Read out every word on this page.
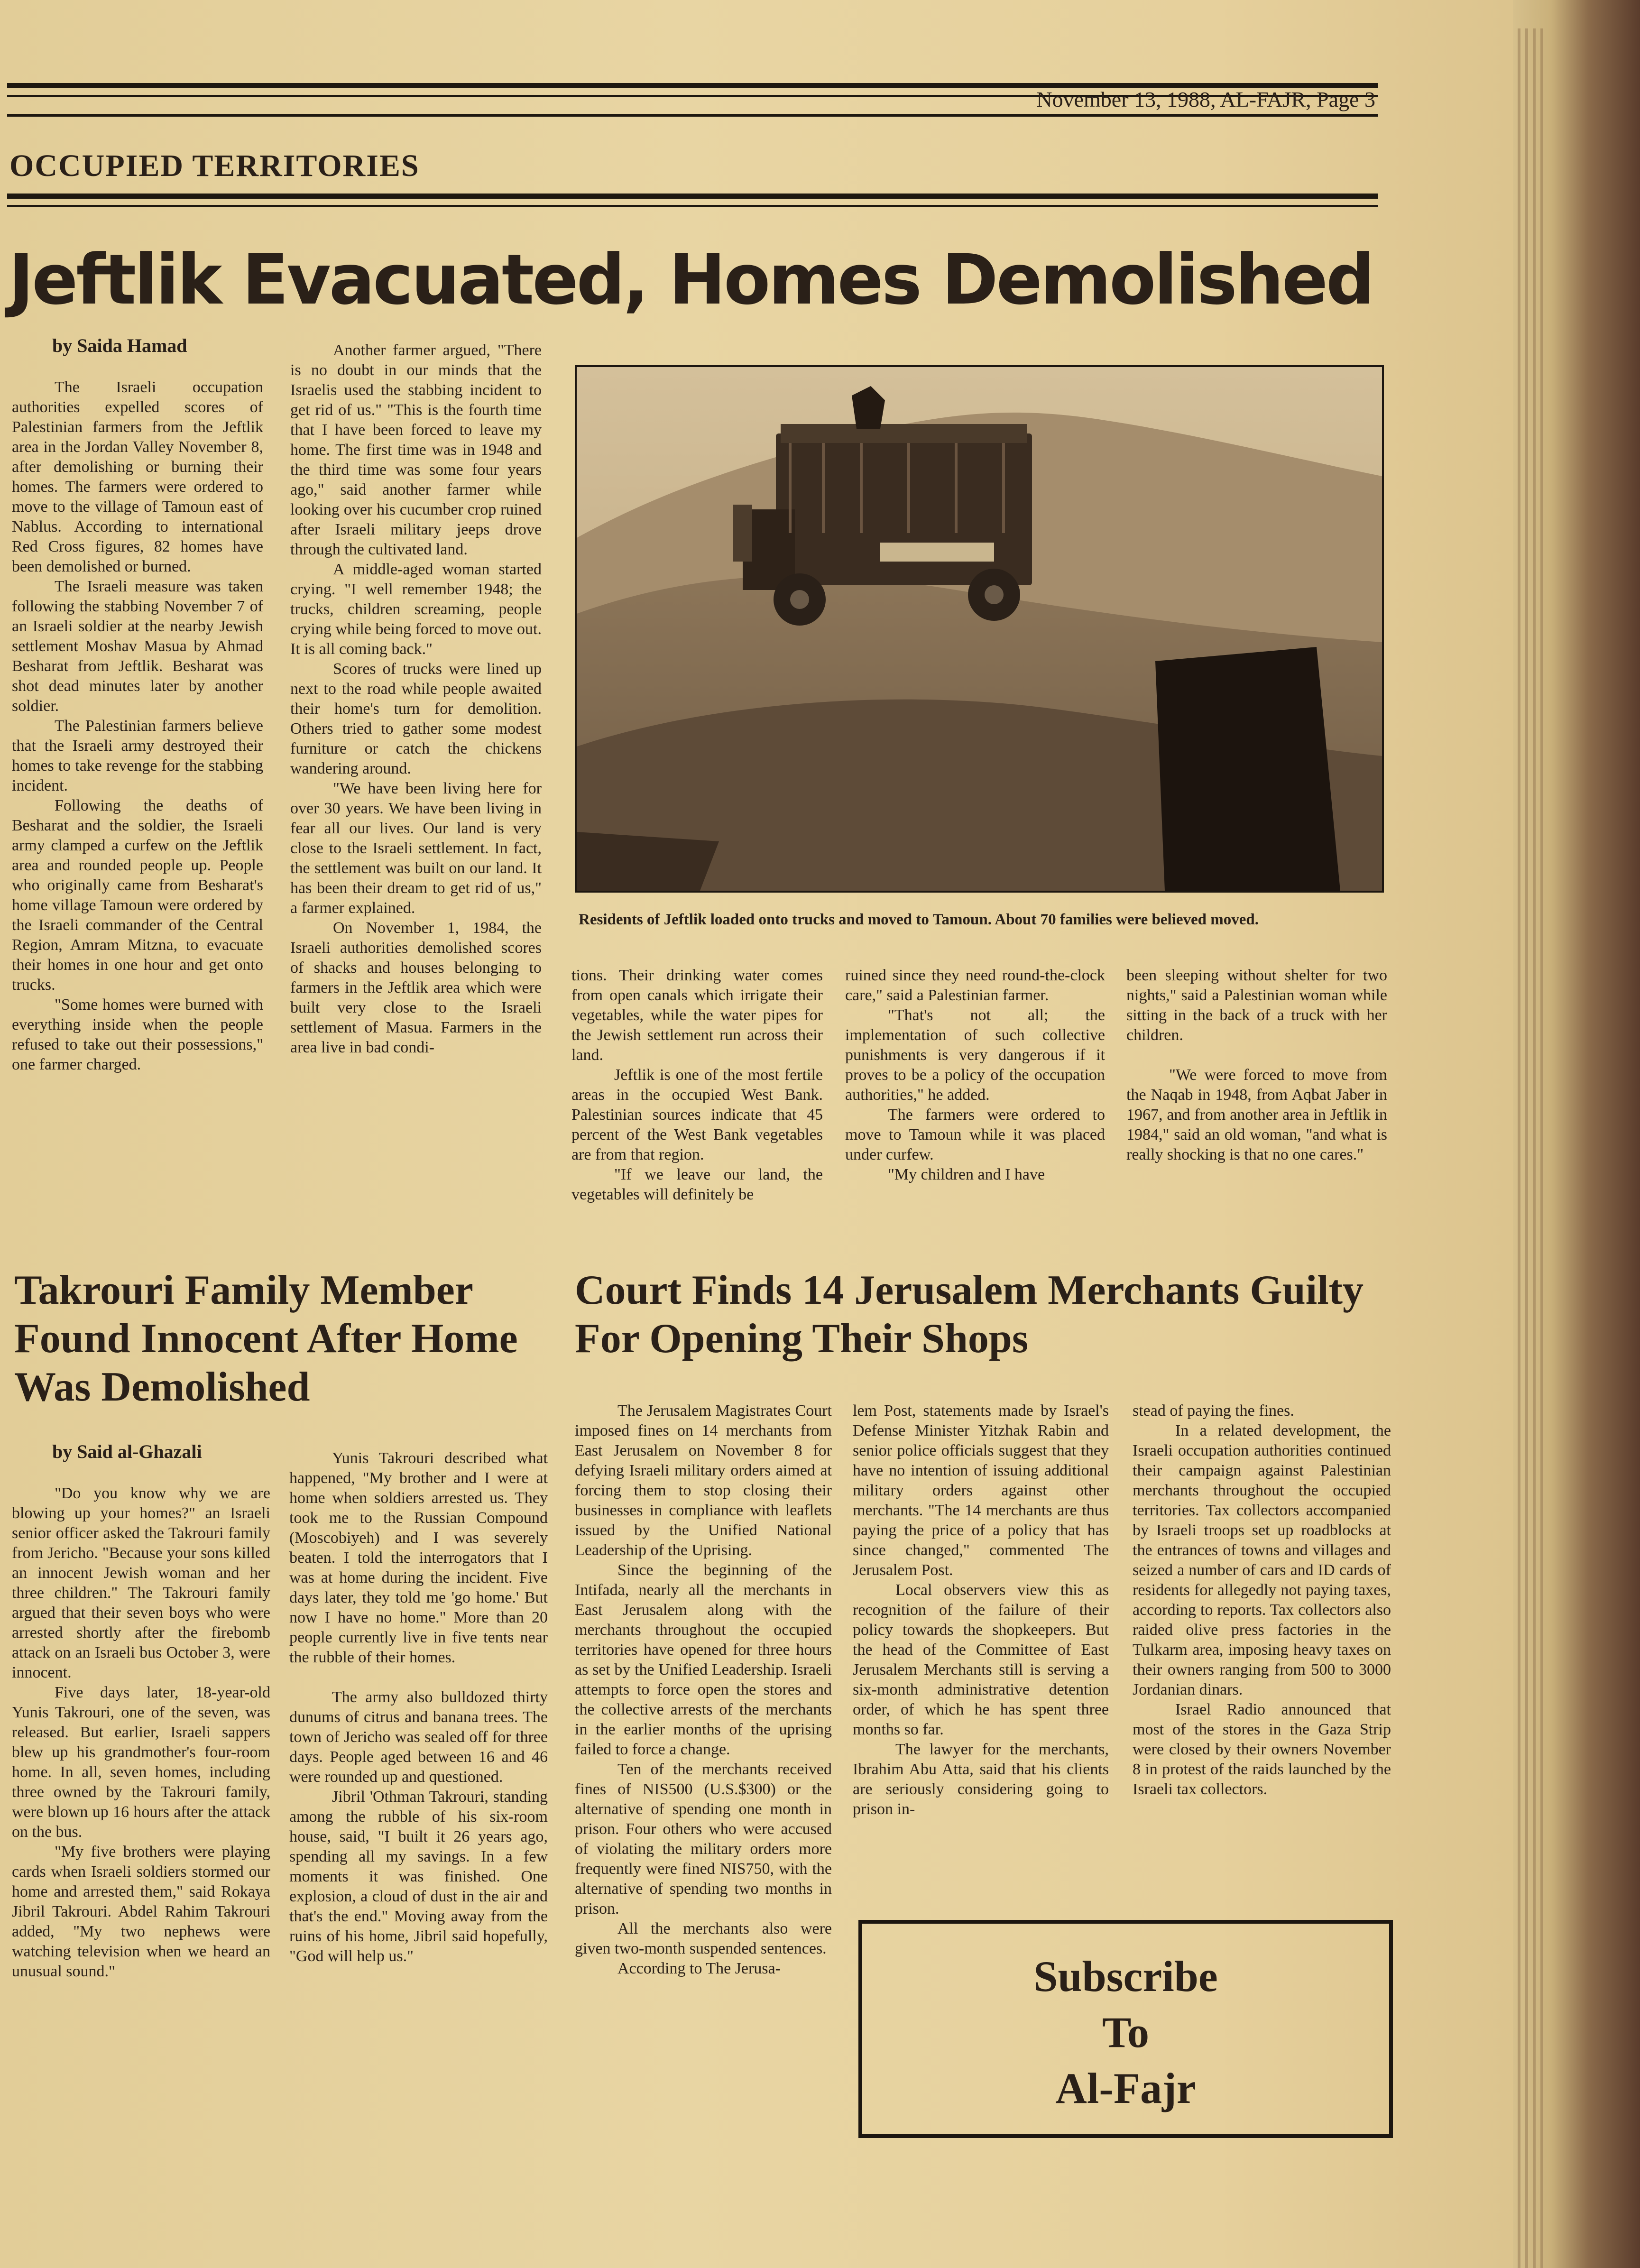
November 13, 1988, AL-FAJR, Page 3
OCCUPIED TERRITORIES
Jeftlik Evacuated, Homes Demolished
by Saida Hamad

The Israeli occupation authorities expelled scores of Palestinian farmers from the Jeftlik area in the Jordan Valley November 8, after demolishing or burning their homes. The farmers were ordered to move to the village of Tamoun east of Nablus. According to international Red Cross figures, 82 homes have been demolished or burned.

The Israeli measure was taken following the stabbing November 7 of an Israeli soldier at the nearby Jewish settlement Moshav Masua by Ahmad Besharat from Jeftlik. Besharat was shot dead minutes later by another soldier.

The Palestinian farmers believe that the Israeli army destroyed their homes to take revenge for the stabbing incident.

Following the deaths of Besharat and the soldier, the Israeli army clamped a curfew on the Jeftlik area and rounded people up. People who originally came from Besharat's home village Tamoun were ordered by the Israeli commander of the Central Region, Amram Mitzna, to evacuate their homes in one hour and get onto trucks.

"Some homes were burned with everything inside when the people refused to take out their possessions," one farmer charged.

Another farmer argued, "There is no doubt in our minds that the Israelis used the stabbing incident to get rid of us." "This is the fourth time that I have been forced to leave my home. The first time was in 1948 and the third time was some four years ago," said another farmer while looking over his cucumber crop ruined after Israeli military jeeps drove through the cultivated land.

A middle-aged woman started crying. "I well remember 1948; the trucks, children screaming, people crying while being forced to move out. It is all coming back."

Scores of trucks were lined up next to the road while people awaited their home's turn for demolition. Others tried to gather some modest furniture or catch the chickens wandering around.

"We have been living here for over 30 years. We have been living in fear all our lives. Our land is very close to the Israeli settlement. In fact, the settlement was built on our land. It has been their dream to get rid of us," a farmer explained.

On November 1, 1984, the Israeli authorities demolished scores of shacks and houses belonging to farmers in the Jeftlik area which were built very close to the Israeli settlement of Masua. Farmers in the area live in bad condi-

Residents of Jeftlik loaded onto trucks and moved to Tamoun. About 70 families were believed moved.

tions. Their drinking water comes from open canals which irrigate their vegetables, while the water pipes for the Jewish settlement run across their land.

Jeftlik is one of the most fertile areas in the occupied West Bank. Palestinian sources indicate that 45 percent of the West Bank vegetables are from that region.

"If we leave our land, the vegetables will definitely be

ruined since they need round-the-clock care," said a Palestinian farmer.

"That's not all; the implementation of such collective punishments is very dangerous if it proves to be a policy of the occupation authorities," he added.

The farmers were ordered to move to Tamoun while it was placed under curfew.

"My children and I have

been sleeping without shelter for two nights," said a Palestinian woman while sitting in the back of a truck with her children.

"We were forced to move from the Naqab in 1948, from Aqbat Jaber in 1967, and from another area in Jeftlik in 1984," said an old woman, "and what is really shocking is that no one cares."

Takrouri Family Member Found Innocent After Home Was Demolished
by Said al-Ghazali

"Do you know why we are blowing up your homes?" an Israeli senior officer asked the Takrouri family from Jericho. "Because your sons killed an innocent Jewish woman and her three children." The Takrouri family argued that their seven boys who were arrested shortly after the firebomb attack on an Israeli bus October 3, were innocent.

Five days later, 18-year-old Yunis Takrouri, one of the seven, was released. But earlier, Israeli sappers blew up his grandmother's four-room home. In all, seven homes, including three owned by the Takrouri family, were blown up 16 hours after the attack on the bus.

"My five brothers were playing cards when Israeli soldiers stormed our home and arrested them," said Rokaya Jibril Takrouri. Abdel Rahim Takrouri added, "My two nephews were watching television when we heard an unusual sound."

Yunis Takrouri described what happened, "My brother and I were at home when soldiers arrested us. They took me to the Russian Compound (Moscobiyeh) and I was severely beaten. I told the interrogators that I was at home during the incident. Five days later, they told me 'go home.' But now I have no home." More than 20 people currently live in five tents near the rubble of their homes.

The army also bulldozed thirty dunums of citrus and banana trees. The town of Jericho was sealed off for three days. People aged between 16 and 46 were rounded up and questioned.

Jibril 'Othman Takrouri, standing among the rubble of his six-room house, said, "I built it 26 years ago, spending all my savings. In a few moments it was finished. One explosion, a cloud of dust in the air and that's the end." Moving away from the ruins of his home, Jibril said hopefully, "God will help us."

Court Finds 14 Jerusalem Merchants Guilty For Opening Their Shops

The Jerusalem Magistrates Court imposed fines on 14 merchants from East Jerusalem on November 8 for defying Israeli military orders aimed at forcing them to stop closing their businesses in compliance with leaflets issued by the Unified National Leadership of the Uprising.

Since the beginning of the Intifada, nearly all the merchants in East Jerusalem along with the merchants throughout the occupied territories have opened for three hours as set by the Unified Leadership. Israeli attempts to force open the stores and the collective arrests of the merchants in the earlier months of the uprising failed to force a change.

Ten of the merchants received fines of NIS500 (U.S.$300) or the alternative of spending one month in prison. Four others who were accused of violating the military orders more frequently were fined NIS750, with the alternative of spending two months in prison.

All the merchants also were given two-month suspended sentences.

According to The Jerusa-

lem Post, statements made by Israel's Defense Minister Yitzhak Rabin and senior police officials suggest that they have no intention of issuing additional military orders against other merchants. "The 14 merchants are thus paying the price of a policy that has since changed," commented The Jerusalem Post.

Local observers view this as recognition of the failure of their policy towards the shopkeepers. But the head of the Committee of East Jerusalem Merchants still is serving a six-month administrative detention order, of which he has spent three months so far.

The lawyer for the merchants, Ibrahim Abu Atta, said that his clients are seriously considering going to prison in-

stead of paying the fines.

In a related development, the Israeli occupation authorities continued their campaign against Palestinian merchants throughout the occupied territories. Tax collectors accompanied by Israeli troops set up roadblocks at the entrances of towns and villages and seized a number of cars and ID cards of residents for allegedly not paying taxes, according to reports. Tax collectors also raided olive press factories in the Tulkarm area, imposing heavy taxes on their owners ranging from 500 to 3000 Jordanian dinars.

Israel Radio announced that most of the stores in the Gaza Strip were closed by their owners November 8 in protest of the raids launched by the Israeli tax collectors.

Subscribe
To
Al-Fajr
